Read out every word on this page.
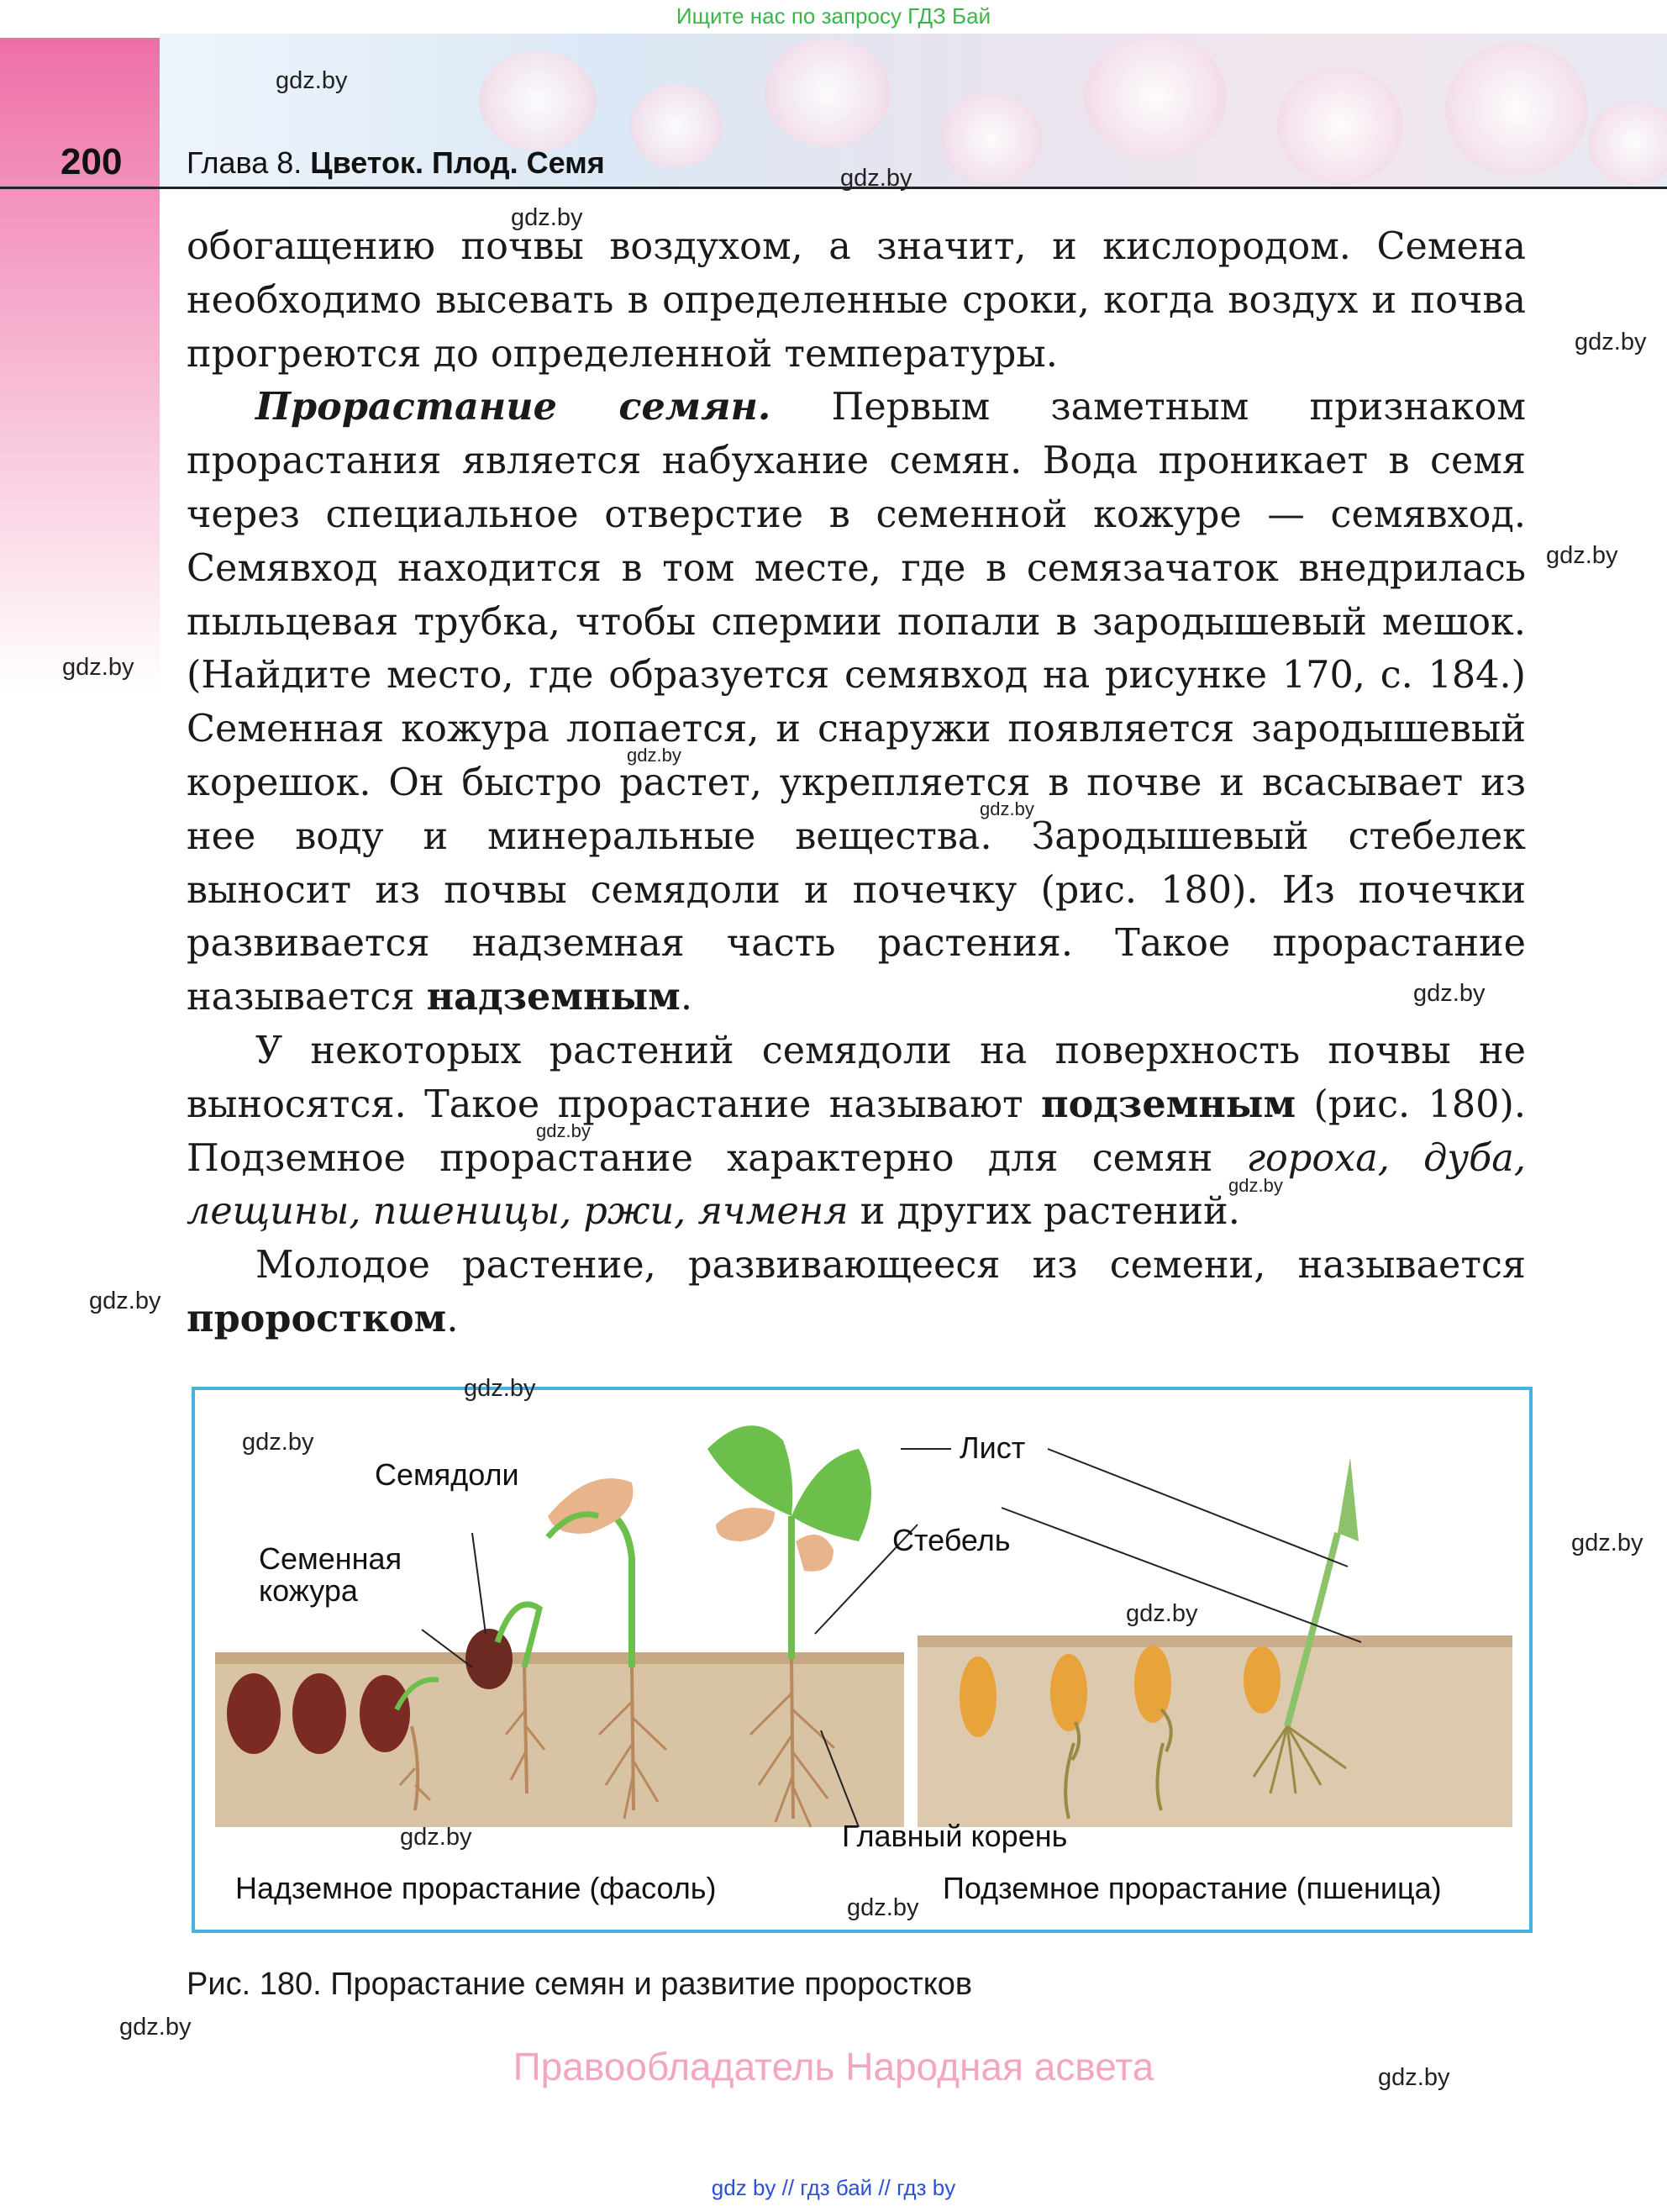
Ищите нас по запросу ГДЗ Бай
200 Глава 8. Цветок. Плод. Семя

обогащению почвы воздухом, а значит, и кислородом. Семена необходимо высевать в определенные сроки, когда воздух и почва прогреются до определенной температуры.

Прорастание семян. Первым заметным признаком прорастания является набухание семян. Вода проникает в семя через специальное отверстие в семенной кожуре — семявход. Семявход находится в том месте, где в семязачаток внедрилась пыльцевая трубка, чтобы спермии попали в зародышевый мешок. (Найдите место, где образуется семявход на рисунке 170, с. 184.) Семенная кожура лопается, и снаружи появляется зародышевый корешок. Он быстро растет, укрепляется в почве и всасывает из нее воду и минеральные вещества. Зародышевый стебелек выносит из почвы семядоли и почечку (рис. 180). Из почечки развивается надземная часть растения. Такое прорастание называется надземным.

У некоторых растений семядоли на поверхность почвы не выносятся. Такое прорастание называют подземным (рис. 180). Подземное прорастание характерно для семян гороха, дуба, лещины, пшеницы, ржи, ячменя и других растений.

Молодое растение, развивающееся из семени, называется проростком.

Семядоли
Семенная
кожура
Лист
Стебель
Главный корень
Надземное прорастание (фасоль)	Подземное прорастание (пшеница)
Рис. 180. Прорастание семян и развитие проростков
Правообладатель Народная асвета
gdz.by
gdz.by
gdz.by
gdz.by
gdz.by
gdz.by
gdz.by
gdz.by
gdz.by
gdz.by
gdz.by
gdz.by
gdz.by
gdz.by
gdz.by
gdz.by
gdz.by
gdz.by
gdz.by
gdz.by
gdz by // гдз бай // гдз by
